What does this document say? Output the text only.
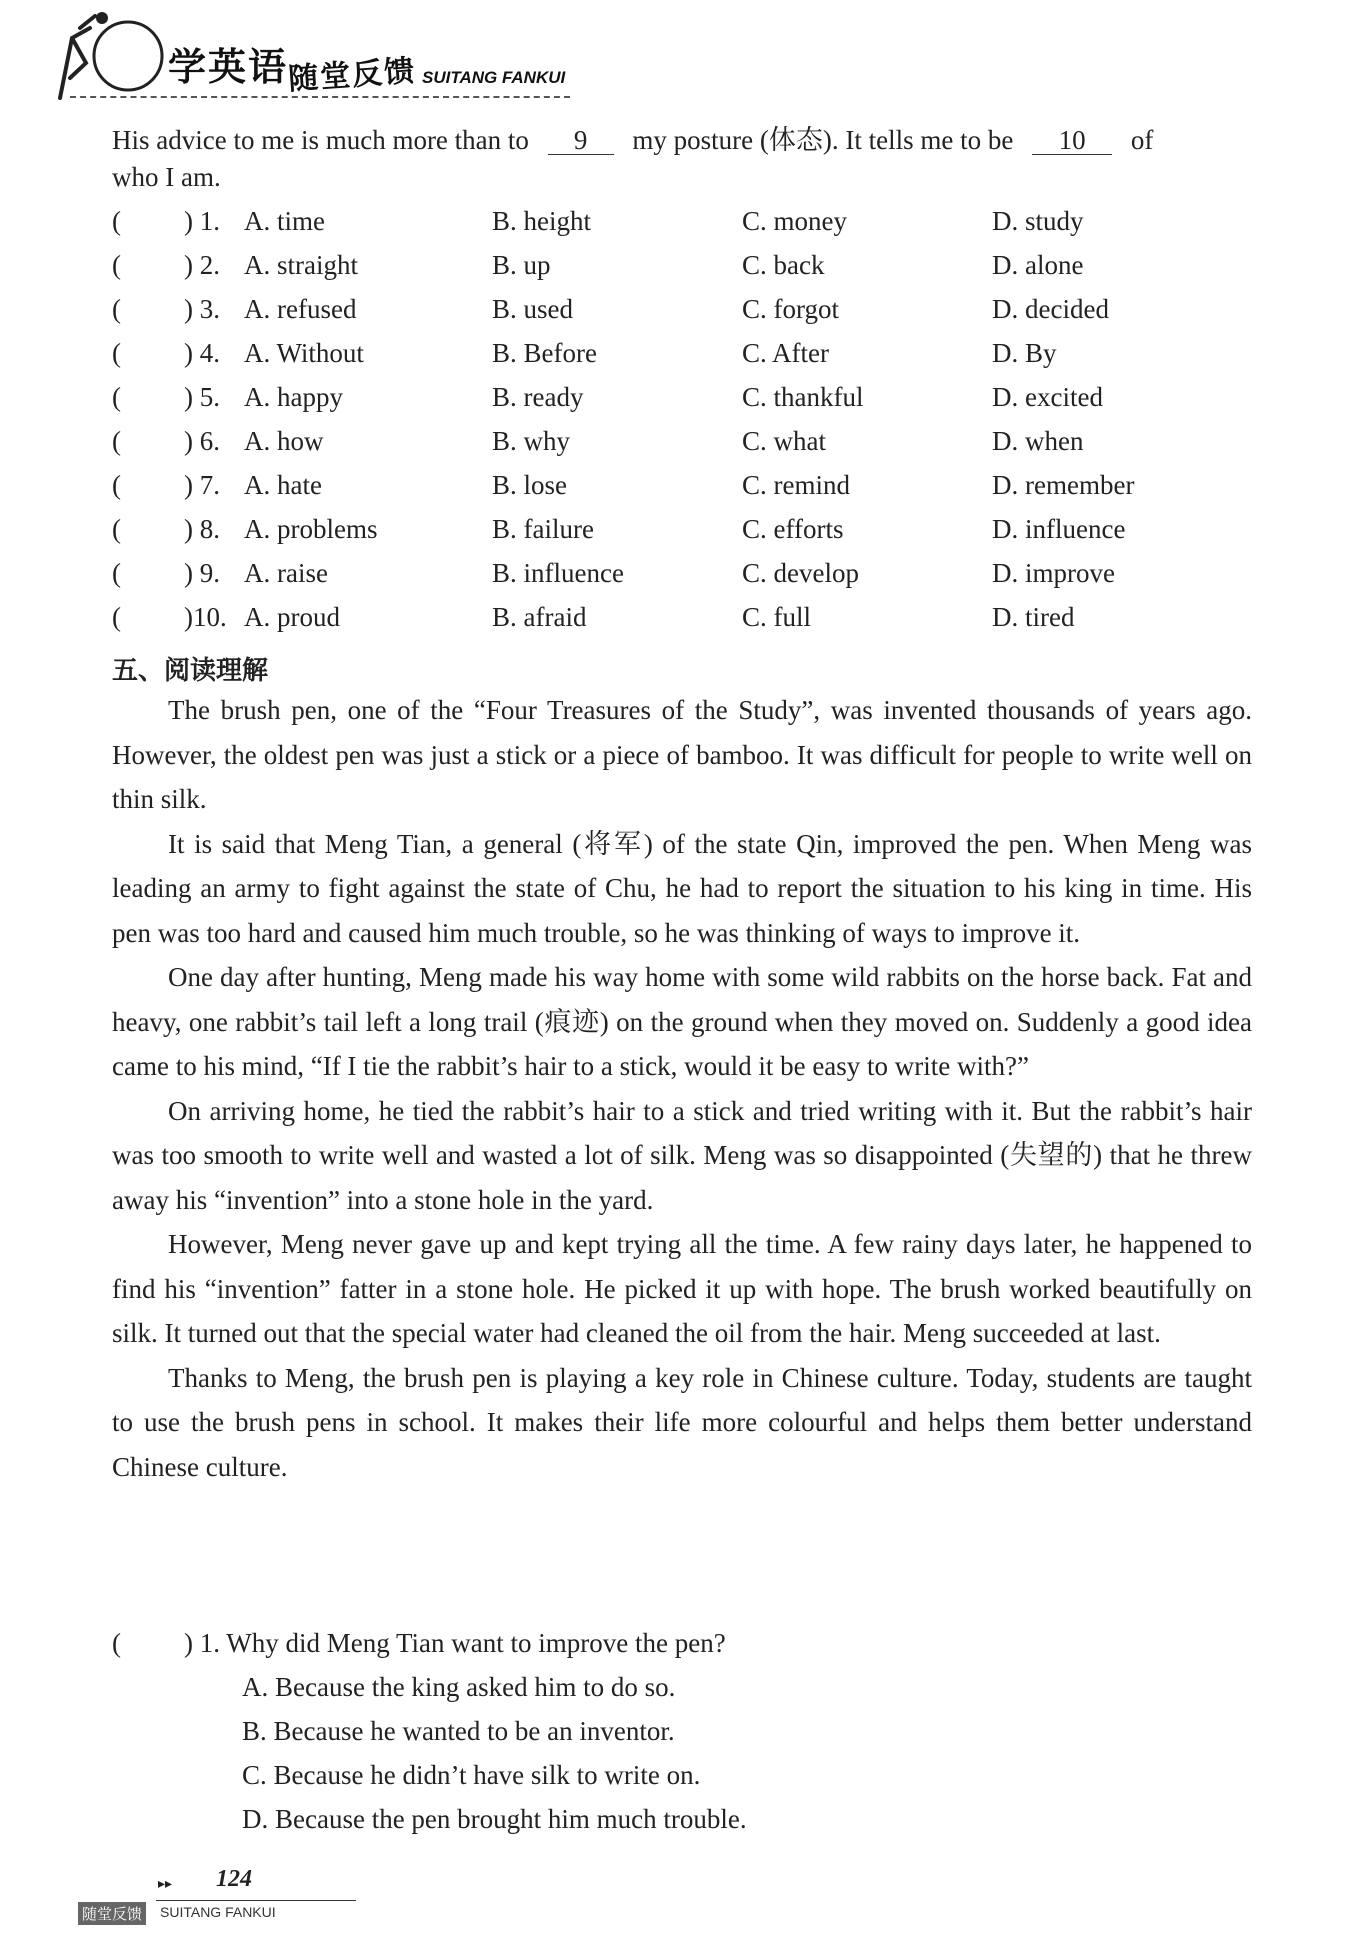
学英语 随堂反馈 SUITANG FANKUI
His advice to me is much more than to 9 my posture (体态). It tells me to be 10 of
who I am.
( ) 1. A. time	B. height	C. money	D. study
( ) 2. A. straight	B. up	C. back	D. alone
( ) 3. A. refused	B. used	C. forgot	D. decided
( ) 4. A. Without	B. Before	C. After	D. By
( ) 5. A. happy	B. ready	C. thankful	D. excited
( ) 6. A. how	B. why	C. what	D. when
( ) 7. A. hate	B. lose	C. remind	D. remember
( ) 8. A. problems	B. failure	C. efforts	D. influence
( ) 9. A. raise	B. influence	C. develop	D. improve
( )10. A. proud	B. afraid	C. full	D. tired
五、阅读理解

The brush pen, one of the “Four Treasures of the Study”, was invented thousands of years ago. However, the oldest pen was just a stick or a piece of bamboo. It was difficult for people to write well on thin silk.

It is said that Meng Tian, a general (将军) of the state Qin, improved the pen. When Meng was leading an army to fight against the state of Chu, he had to report the situation to his king in time. His pen was too hard and caused him much trouble, so he was thinking of ways to improve it.

One day after hunting, Meng made his way home with some wild rabbits on the horse back. Fat and heavy, one rabbit’s tail left a long trail (痕迹) on the ground when they moved on. Suddenly a good idea came to his mind, “If I tie the rabbit’s hair to a stick, would it be easy to write with?”

On arriving home, he tied the rabbit’s hair to a stick and tried writing with it. But the rabbit’s hair was too smooth to write well and wasted a lot of silk. Meng was so disappointed (失望的) that he threw away his “invention” into a stone hole in the yard.

However, Meng never gave up and kept trying all the time. A few rainy days later, he happened to find his “invention” fatter in a stone hole. He picked it up with hope. The brush worked beautifully on silk. It turned out that the special water had cleaned the oil from the hair. Meng succeeded at last.

Thanks to Meng, the brush pen is playing a key role in Chinese culture. Today, students are taught to use the brush pens in school. It makes their life more colourful and helps them better understand Chinese culture.

( ) 1. Why did Meng Tian want to improve the pen?
A. Because the king asked him to do so.
B. Because he wanted to be an inventor.
C. Because he didn’t have silk to write on.
D. Because the pen brought him much trouble.
▸▸ 124
随堂反馈 SUITANG FANKUI
